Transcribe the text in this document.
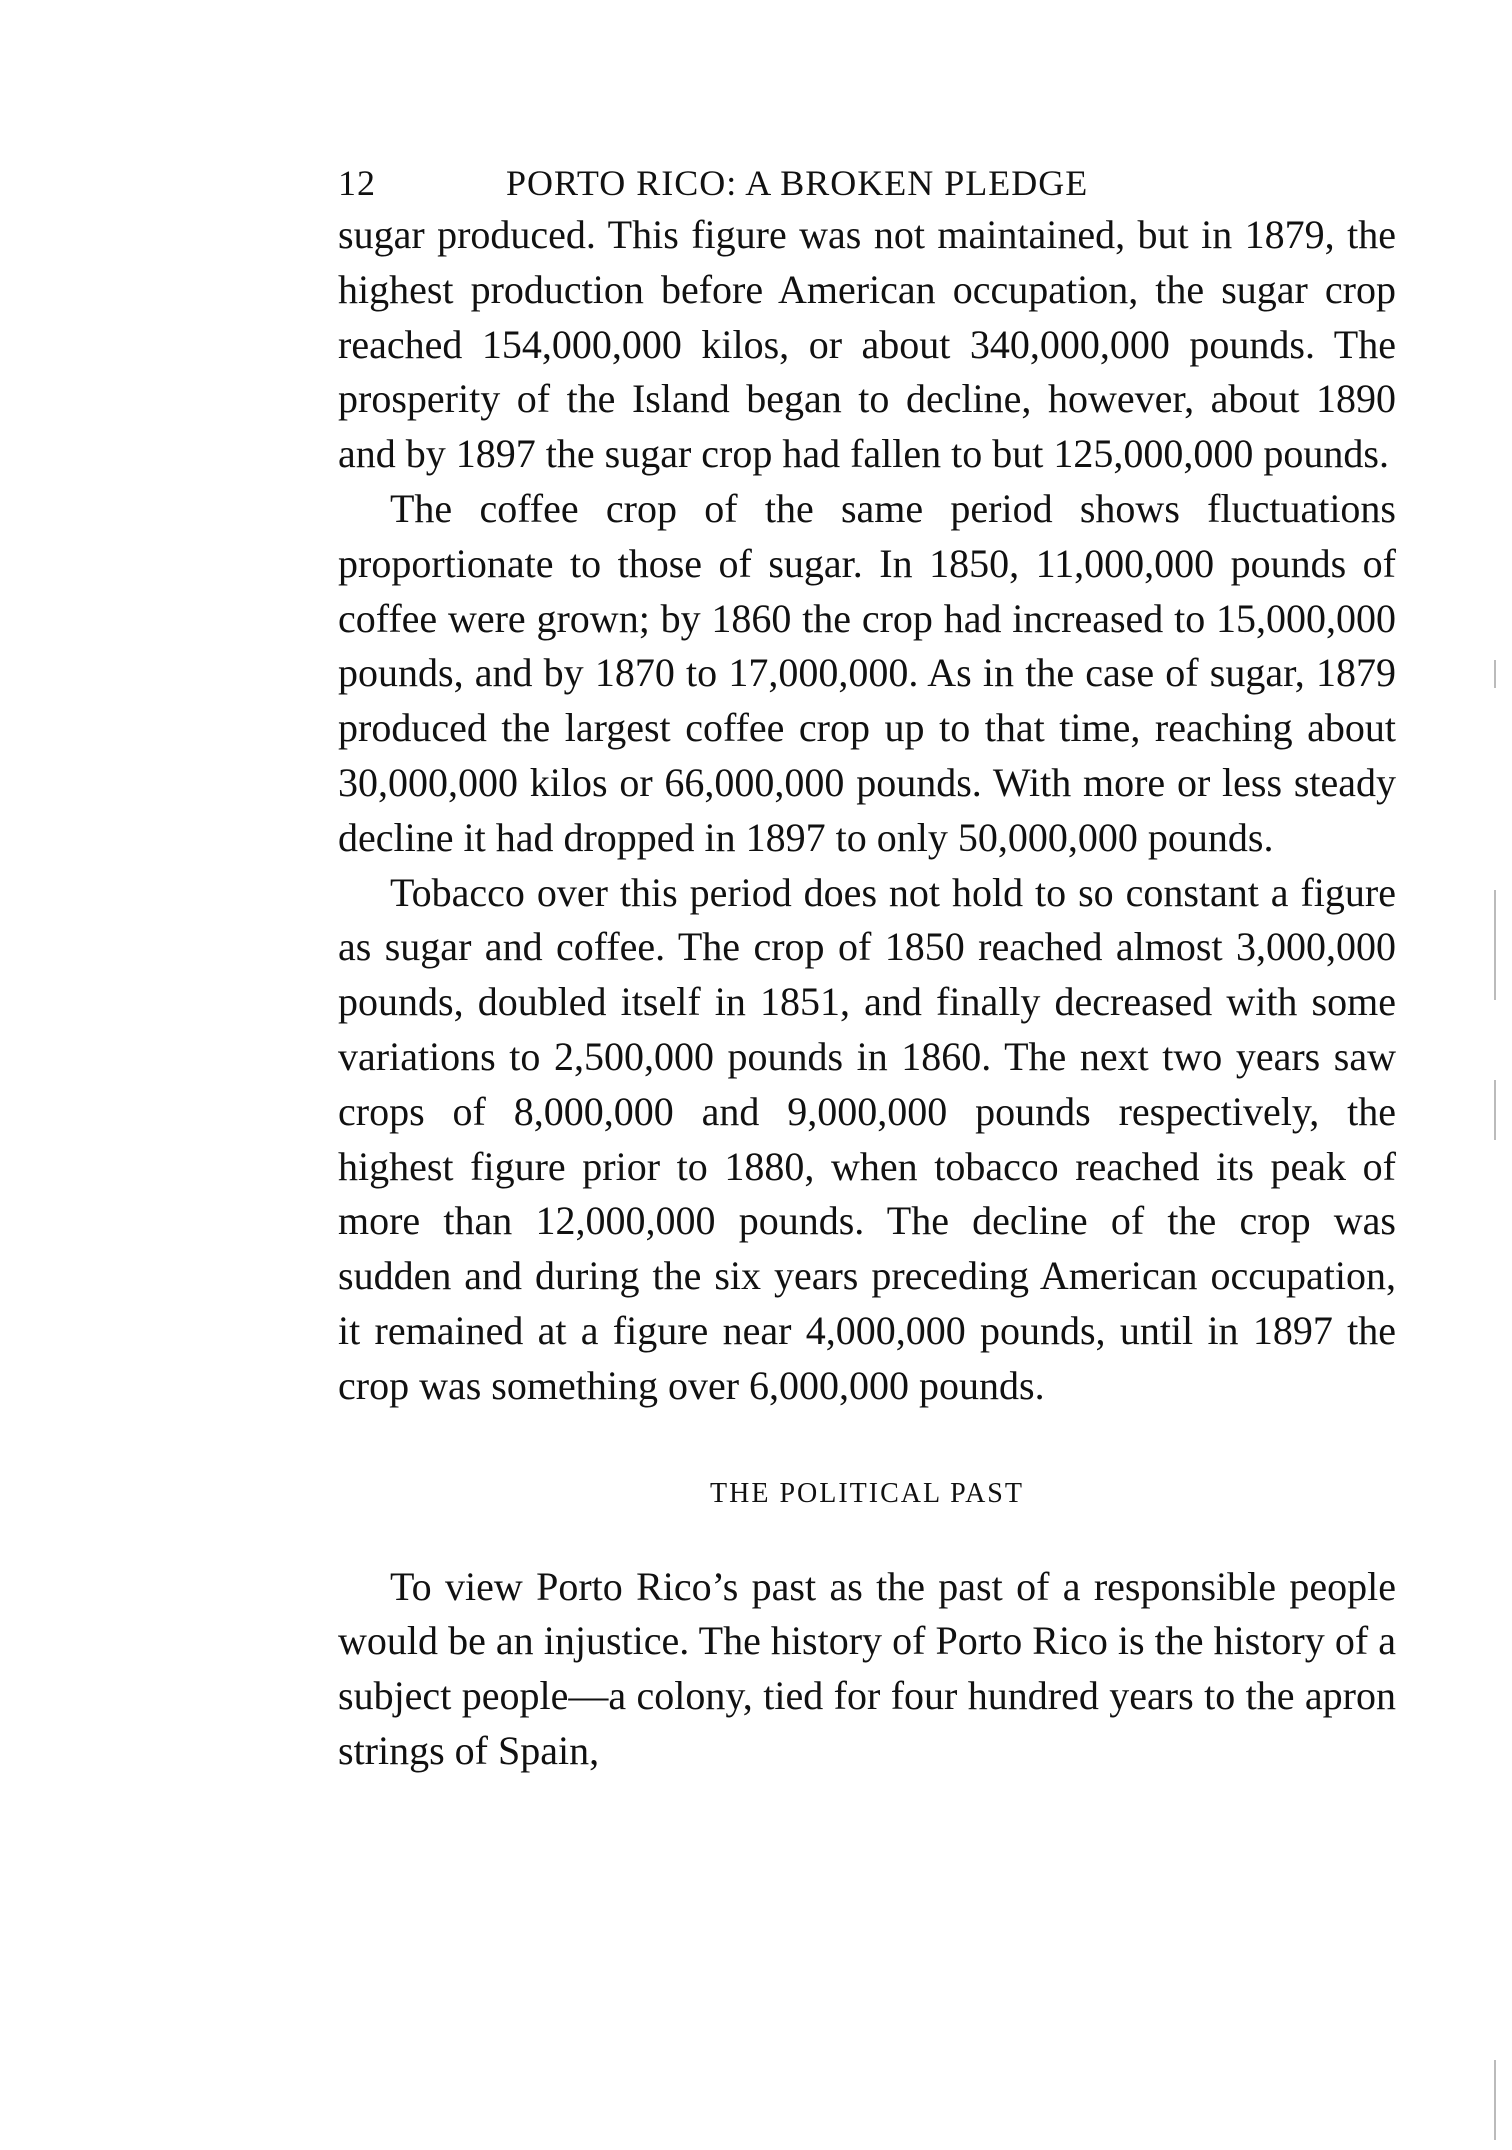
12	PORTO RICO: A BROKEN PLEDGE

sugar produced. This figure was not maintained, but in 1879, the highest production before American occupation, the sugar crop reached 154,000,000 kilos, or about 340,000,000 pounds. The prosperity of the Island began to decline, however, about 1890 and by 1897 the sugar crop had fallen to but 125,000,000 pounds.

The coffee crop of the same period shows fluctuations proportionate to those of sugar. In 1850, 11,000,000 pounds of coffee were grown; by 1860 the crop had increased to 15,000,000 pounds, and by 1870 to 17,000,000. As in the case of sugar, 1879 produced the largest coffee crop up to that time, reaching about 30,000,000 kilos or 66,000,000 pounds. With more or less steady decline it had dropped in 1897 to only 50,000,000 pounds.

Tobacco over this period does not hold to so constant a figure as sugar and coffee. The crop of 1850 reached almost 3,000,000 pounds, doubled itself in 1851, and finally decreased with some variations to 2,500,000 pounds in 1860. The next two years saw crops of 8,000,000 and 9,000,000 pounds respectively, the highest figure prior to 1880, when tobacco reached its peak of more than 12,000,000 pounds. The decline of the crop was sudden and during the six years preceding American occupation, it remained at a figure near 4,000,000 pounds, until in 1897 the crop was something over 6,000,000 pounds.

THE POLITICAL PAST

To view Porto Rico’s past as the past of a responsible people would be an injustice. The history of Porto Rico is the history of a subject people—a colony, tied for four hundred years to the apron strings of Spain,
